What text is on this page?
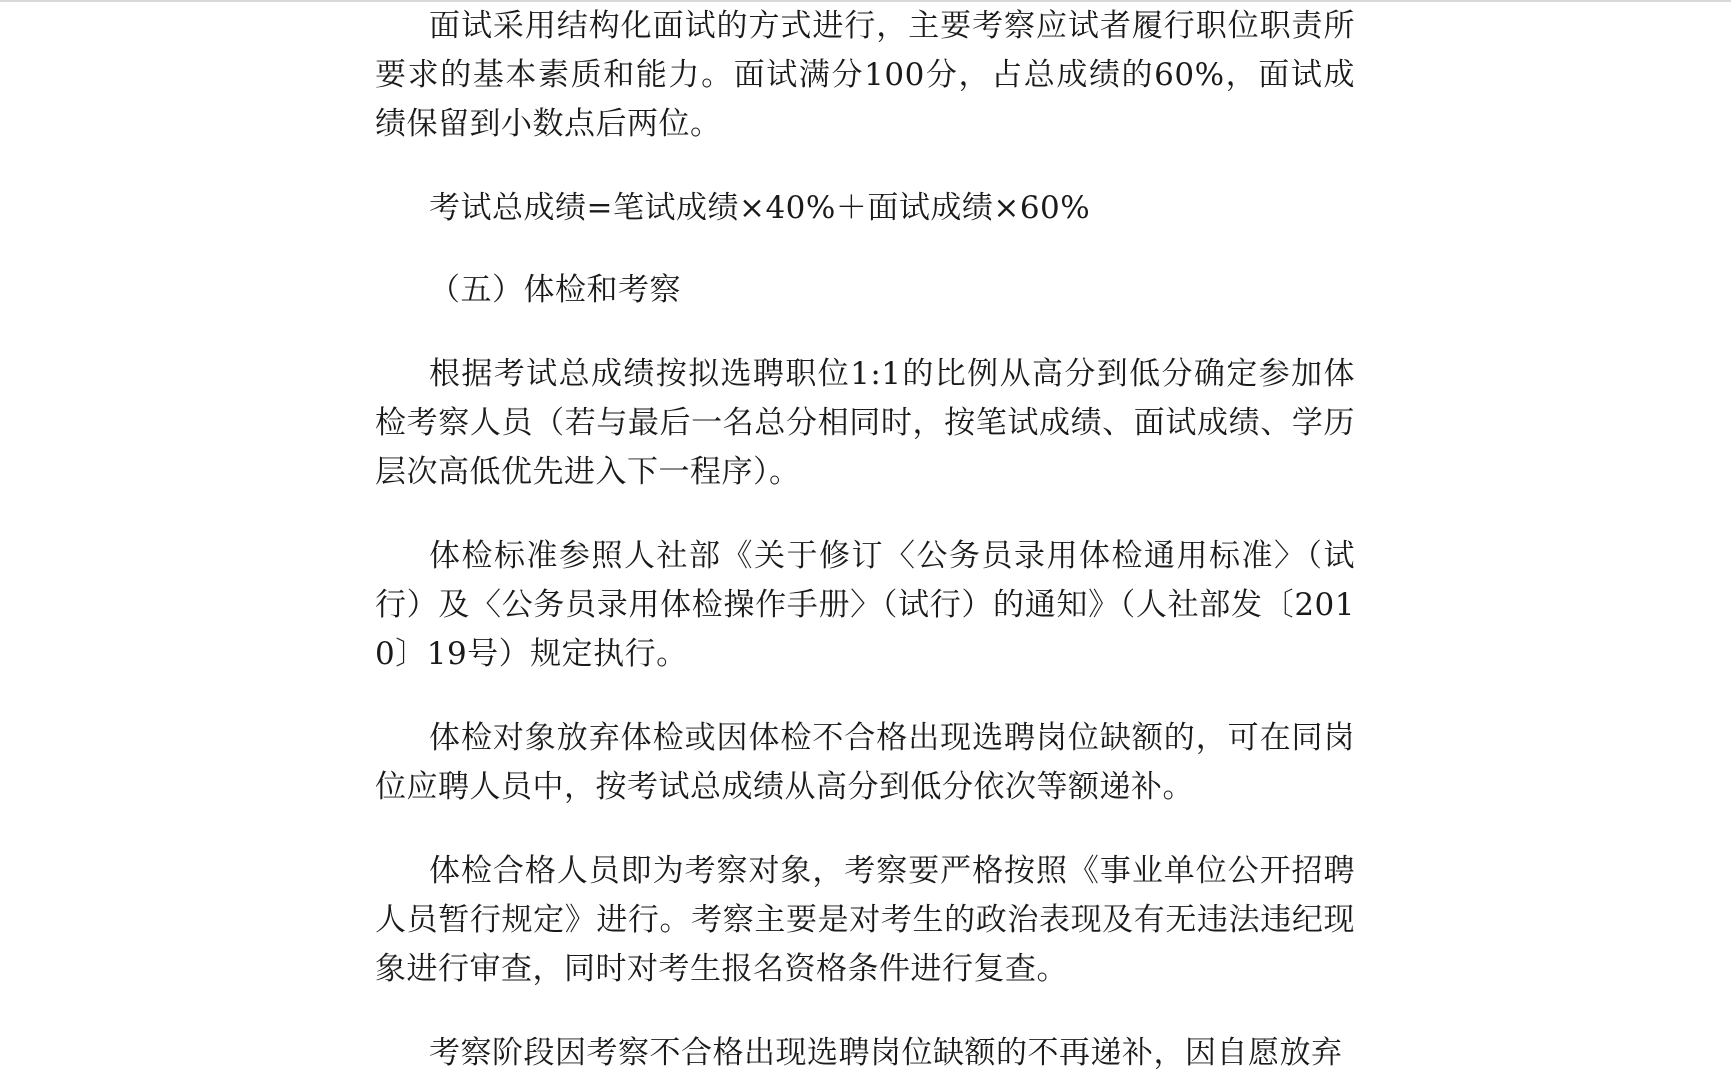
面试采用结构化面试的方式进行，主要考察应试者履行职位职责所要求的基本素质和能力。面试满分100分，占总成绩的60%，面试成绩保留到小数点后两位。

考试总成绩=笔试成绩×40%＋面试成绩×60%

（五）体检和考察

根据考试总成绩按拟选聘职位1:1的比例从高分到低分确定参加体检考察人员（若与最后一名总分相同时，按笔试成绩、面试成绩、学历层次高低优先进入下一程序）。

体检标准参照人社部《关于修订〈公务员录用体检通用标准〉（试行）及〈公务员录用体检操作手册〉（试行）的通知》（人社部发〔2010〕19号）规定执行。

体检对象放弃体检或因体检不合格出现选聘岗位缺额的，可在同岗位应聘人员中，按考试总成绩从高分到低分依次等额递补。

体检合格人员即为考察对象，考察要严格按照《事业单位公开招聘人员暂行规定》进行。考察主要是对考生的政治表现及有无违法违纪现象进行审查，同时对考生报名资格条件进行复查。

考察阶段因考察不合格出现选聘岗位缺额的不再递补，因自愿放弃
